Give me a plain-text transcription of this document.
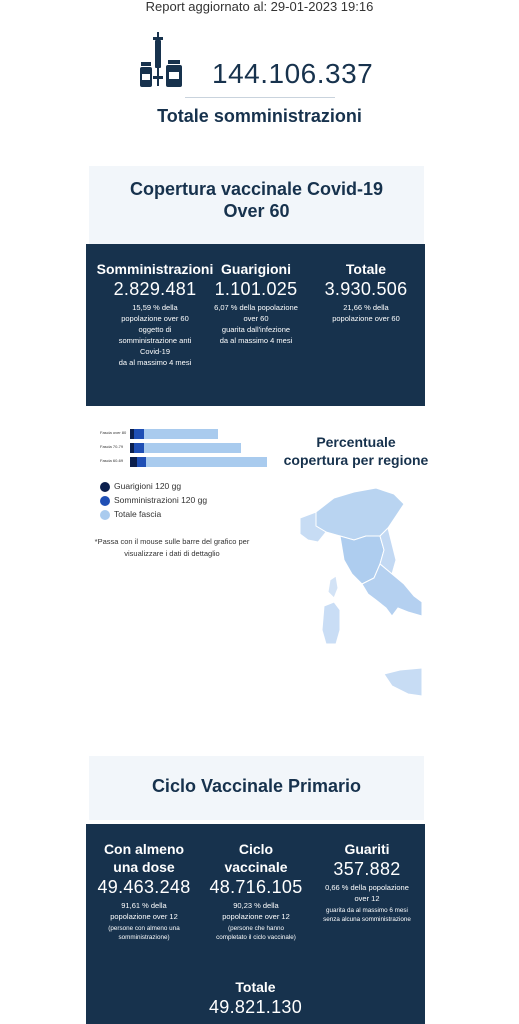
Report aggiornato al: 29-01-2023 19:16
144.106.337
Totale somministrazioni
Copertura vaccinale Covid-19
Over 60
Somministrazioni
2.829.481
15,59 % della
popolazione over 60
oggetto di
somministrazione anti
Covid-19
da al massimo 4 mesi
Guarigioni
1.101.025
6,07 % della popolazione
over 60
guarita dall'infezione
da al massimo 4 mesi
Totale
3.930.506
21,66 % della
popolazione over 60
Fascia over 80
Fascia 70-79
Fascia 60-69
Guarigioni 120 gg
Somministrazioni 120 gg
Totale fascia
*Passa con il mouse sulle barre del grafico per
visualizzare i dati di dettaglio
Percentuale
copertura per regione
Ciclo Vaccinale Primario
Con almeno
una dose
49.463.248
91,61 % della
popolazione over 12
(persone con almeno una
somministrazione)
Ciclo
vaccinale
48.716.105
90,23 % della
popolazione over 12
(persone che hanno
completato il ciclo vaccinale)
Guariti
357.882
0,66 % della popolazione
over 12
guarita da al massimo 6 mesi
senza alcuna somministrazione
Totale
49.821.130
